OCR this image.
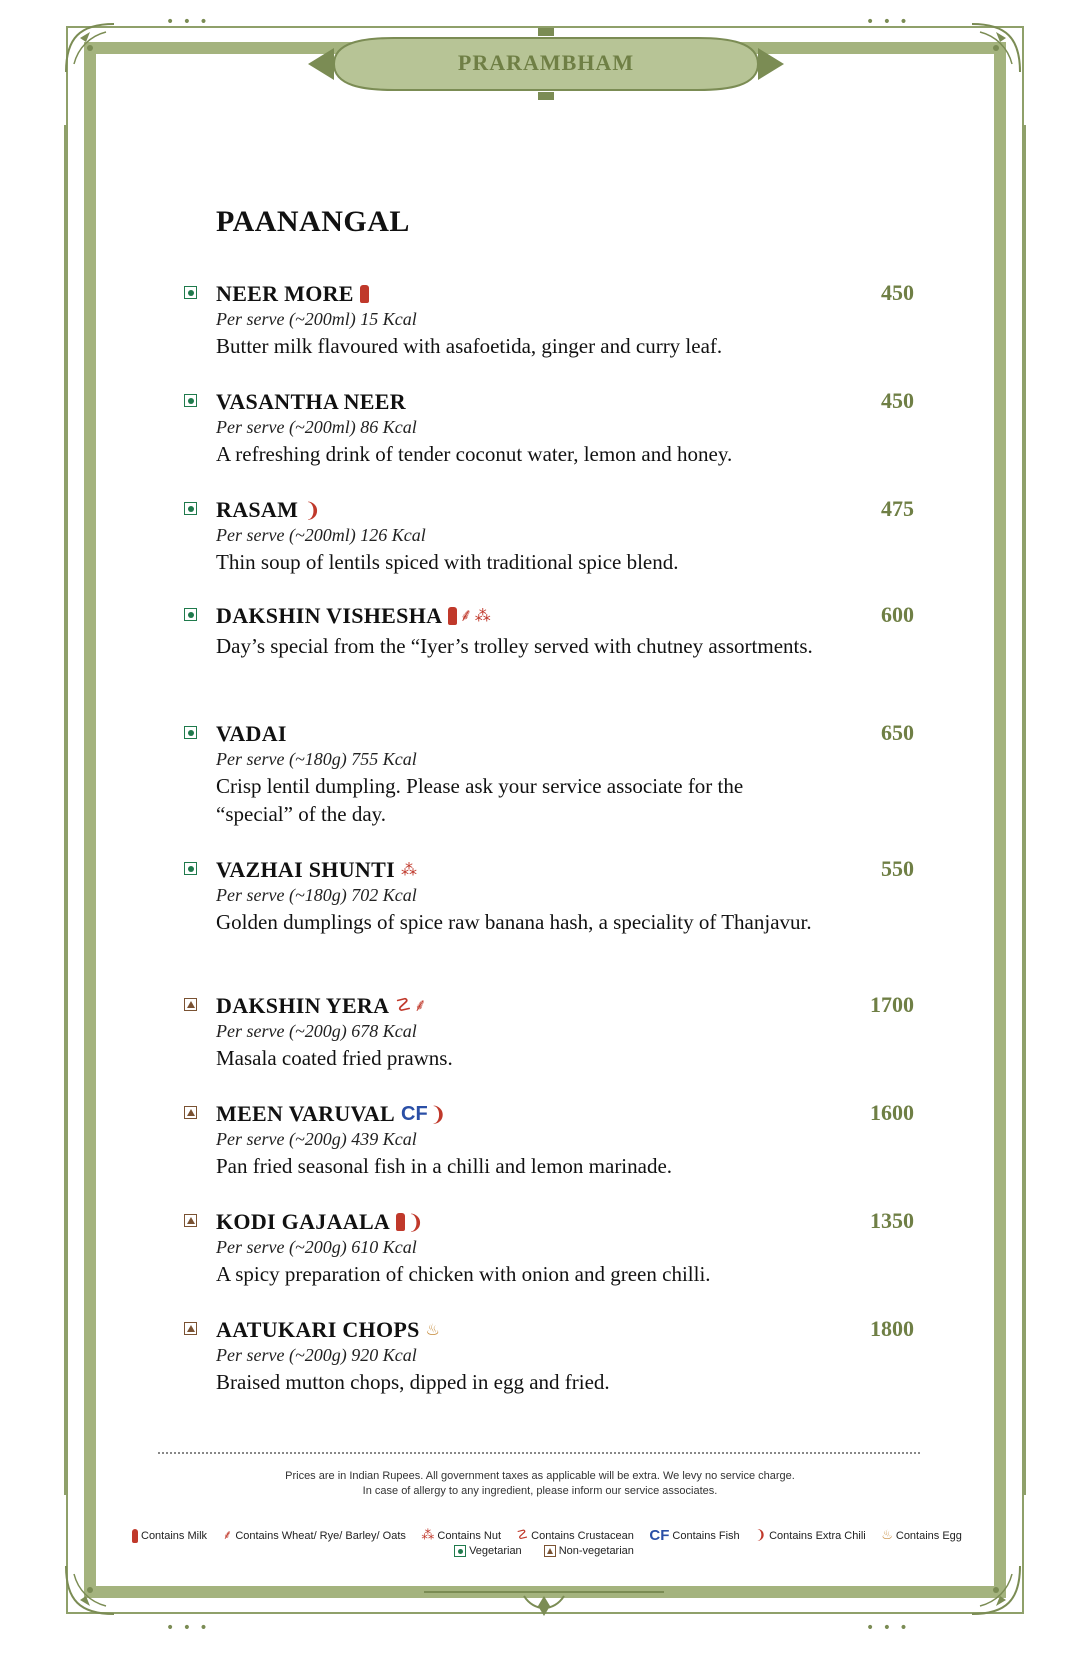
• • •	• • •
• • •	• • •
PRARAMBHAM
PAANANGAL
NEER MORE	450
Per serve (~200ml) 15 Kcal
Butter milk flavoured with asafoetida, ginger and curry leaf.
VASANTHA NEER	450
Per serve (~200ml) 86 Kcal
A refreshing drink of tender coconut water, lemon and honey.
RASAM ❩	475
Per serve (~200ml) 126 Kcal
Thin soup of lentils spiced with traditional spice blend.
DAKSHIN VISHESHA ⸙ ⁂	600
Day’s special from the “Iyer’s trolley served with chutney assortments.
VADAI	650
Per serve (~180g) 755 Kcal
Crisp lentil dumpling. Please ask your service associate for the “special” of the day.
VAZHAI SHUNTI ⁂	550
Per serve (~180g) 702 Kcal
Golden dumplings of spice raw banana hash, a speciality of Thanjavur.
DAKSHIN YERA ☡ ⸙	1700
Per serve (~200g) 678 Kcal
Masala coated fried prawns.
MEEN VARUVAL CF ❩	1600
Per serve (~200g) 439 Kcal
Pan fried seasonal fish in a chilli and lemon marinade.
KODI GAJAALA ❩	1350
Per serve (~200g) 610 Kcal
A spicy preparation of chicken with onion and green chilli.
AATUKARI CHOPS ♨	1800
Per serve (~200g) 920 Kcal
Braised mutton chops, dipped in egg and fried.
Prices are in Indian Rupees. All government taxes as applicable will be extra. We levy no service charge.
In case of allergy to any ingredient, please inform our service associates.
Contains Milk ⸙ Contains Wheat/ Rye/ Barley/ Oats ⁂ Contains Nut ☡ Contains Crustacean CF Contains Fish ❩ Contains Extra Chili ♨ Contains Egg
Vegetarian	Non-vegetarian
